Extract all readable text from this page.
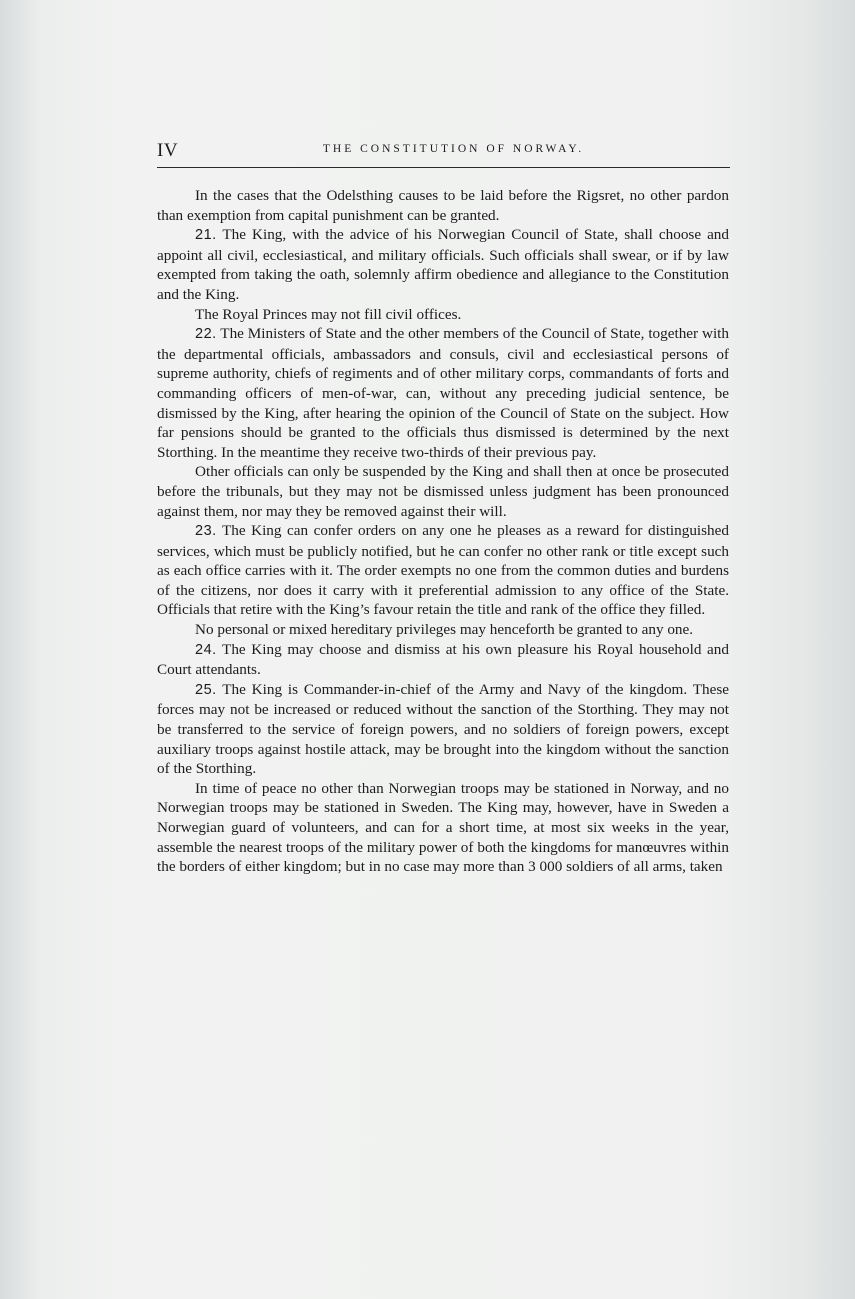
IV	THE CONSTITUTION OF NORWAY.

In the cases that the Odelsthing causes to be laid before the Rigsret, no other pardon than exemption from capital punishment can be granted.

21. The King, with the advice of his Norwegian Council of State, shall choose and appoint all civil, ecclesiastical, and military officials. Such officials shall swear, or if by law exempted from taking the oath, solemnly affirm obedience and allegiance to the Constitution and the King.

The Royal Princes may not fill civil offices.

22. The Ministers of State and the other members of the Council of State, together with the departmental officials, ambassadors and consuls, civil and ecclesiastical persons of supreme authority, chiefs of regiments and of other military corps, commandants of forts and commanding officers of men-of-war, can, without any preceding judicial sentence, be dismissed by the King, after hearing the opinion of the Council of State on the subject. How far pensions should be granted to the officials thus dismissed is determined by the next Storthing. In the meantime they receive two-thirds of their previous pay.

Other officials can only be suspended by the King and shall then at once be prosecuted before the tribunals, but they may not be dismissed unless judgment has been pronounced against them, nor may they be removed against their will.

23. The King can confer orders on any one he pleases as a reward for distinguished services, which must be publicly notified, but he can confer no other rank or title except such as each office carries with it. The order exempts no one from the common duties and burdens of the citizens, nor does it carry with it preferential admission to any office of the State. Officials that retire with the King’s favour retain the title and rank of the office they filled.

No personal or mixed hereditary privileges may henceforth be granted to any one.

24. The King may choose and dismiss at his own pleasure his Royal household and Court attendants.

25. The King is Commander-in-chief of the Army and Navy of the kingdom. These forces may not be increased or reduced without the sanction of the Storthing. They may not be transferred to the service of foreign powers, and no soldiers of foreign powers, except auxiliary troops against hostile attack, may be brought into the kingdom without the sanction of the Storthing.

In time of peace no other than Norwegian troops may be stationed in Norway, and no Norwegian troops may be stationed in Sweden. The King may, however, have in Sweden a Norwegian guard of volunteers, and can for a short time, at most six weeks in the year, assemble the nearest troops of the military power of both the kingdoms for manœuvres within the borders of either kingdom; but in no case may more than 3 000 soldiers of all arms, taken
